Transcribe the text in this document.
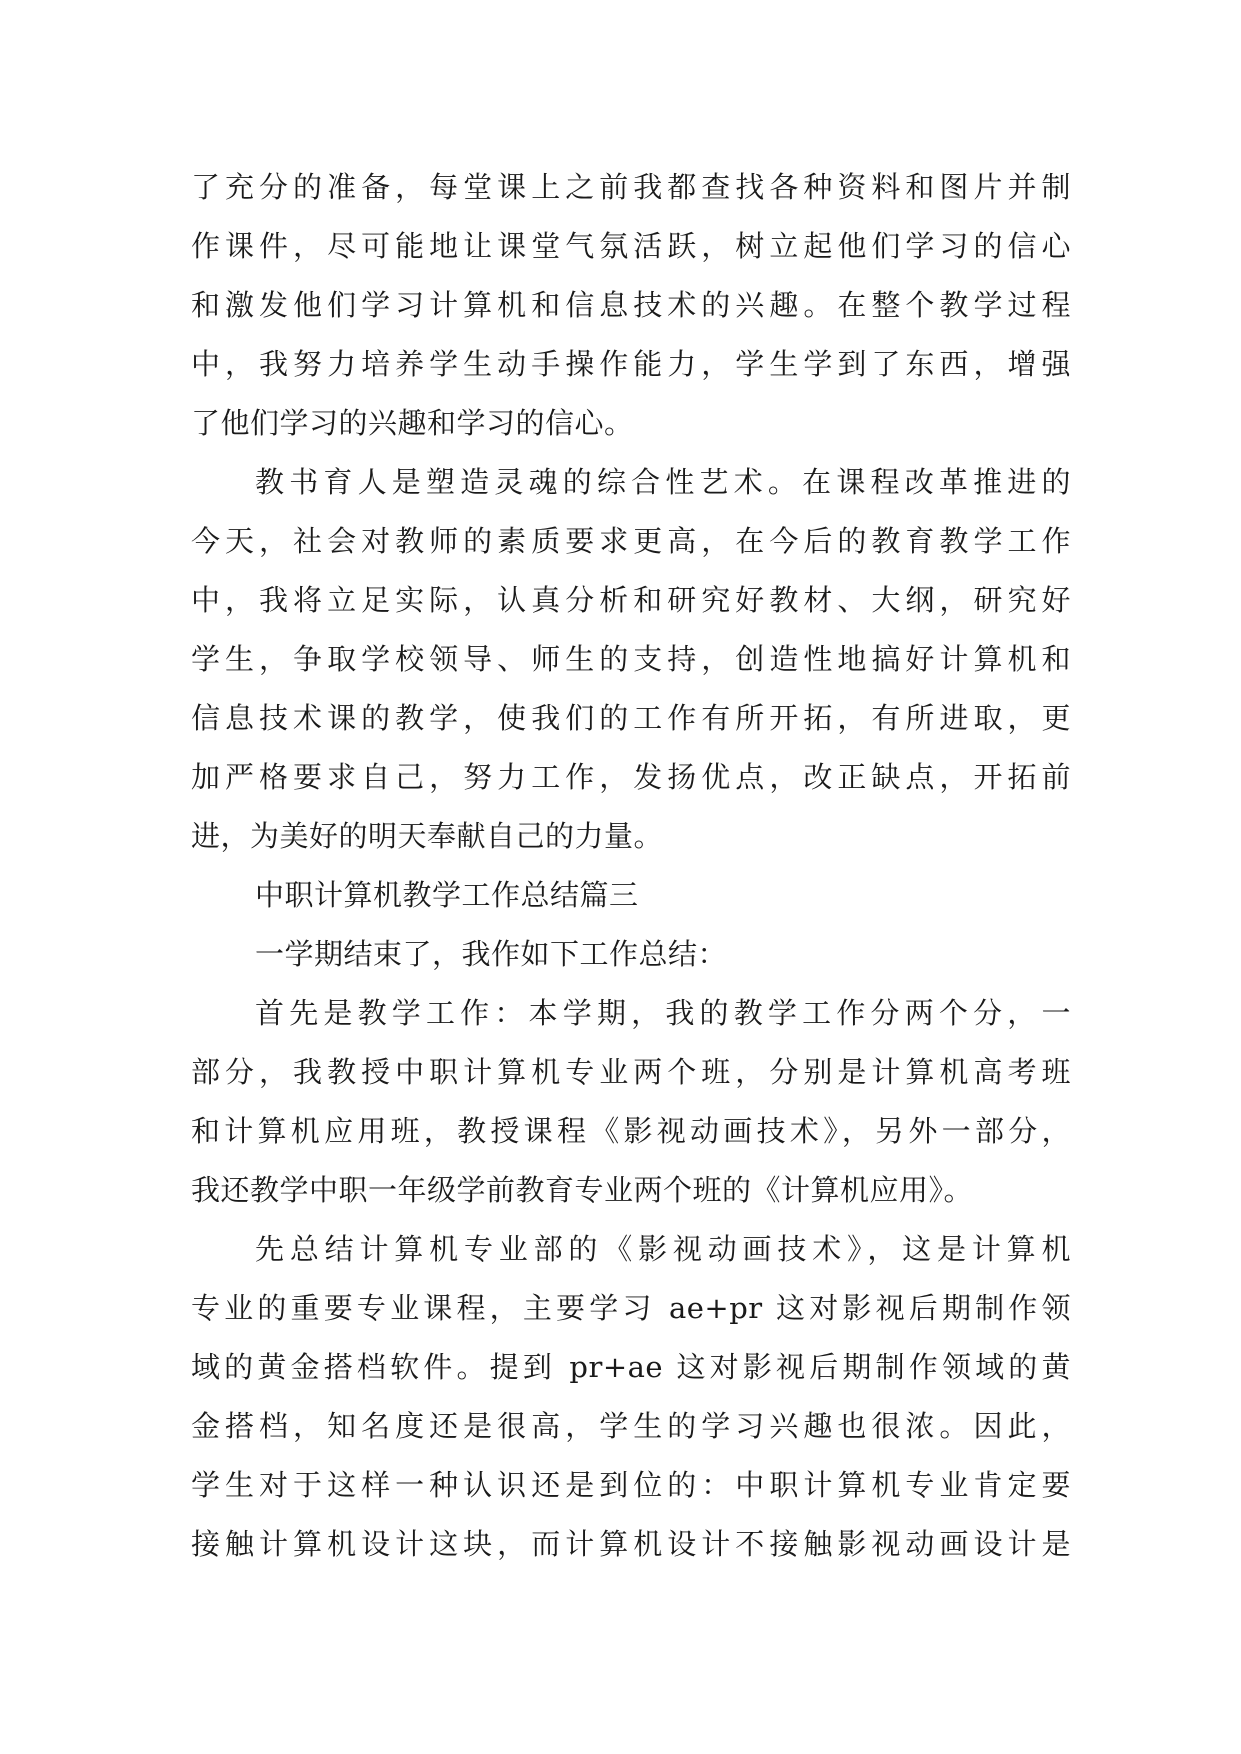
了充分的准备，每堂课上之前我都查找各种资料和图片并制
作课件，尽可能地让课堂气氛活跃，树立起他们学习的信心
和激发他们学习计算机和信息技术的兴趣。在整个教学过程
中，我努力培养学生动手操作能力，学生学到了东西，增强
了他们学习的兴趣和学习的信心。
教书育人是塑造灵魂的综合性艺术。在课程改革推进的
今天，社会对教师的素质要求更高，在今后的教育教学工作
中，我将立足实际，认真分析和研究好教材、大纲，研究好
学生，争取学校领导、师生的支持，创造性地搞好计算机和
信息技术课的教学，使我们的工作有所开拓，有所进取，更
加严格要求自己，努力工作，发扬优点，改正缺点，开拓前
进，为美好的明天奉献自己的力量。
中职计算机教学工作总结篇三
一学期结束了，我作如下工作总结：
首先是教学工作：本学期，我的教学工作分两个分，一
部分，我教授中职计算机专业两个班，分别是计算机高考班
和计算机应用班，教授课程《影视动画技术》，另外一部分，
我还教学中职一年级学前教育专业两个班的《计算机应用》。
先总结计算机专业部的《影视动画技术》，这是计算机
专业的重要专业课程，主要学习 ae+pr 这对影视后期制作领
域的黄金搭档软件。提到 pr+ae 这对影视后期制作领域的黄
金搭档，知名度还是很高，学生的学习兴趣也很浓。因此，
学生对于这样一种认识还是到位的：中职计算机专业肯定要
接触计算机设计这块，而计算机设计不接触影视动画设计是
